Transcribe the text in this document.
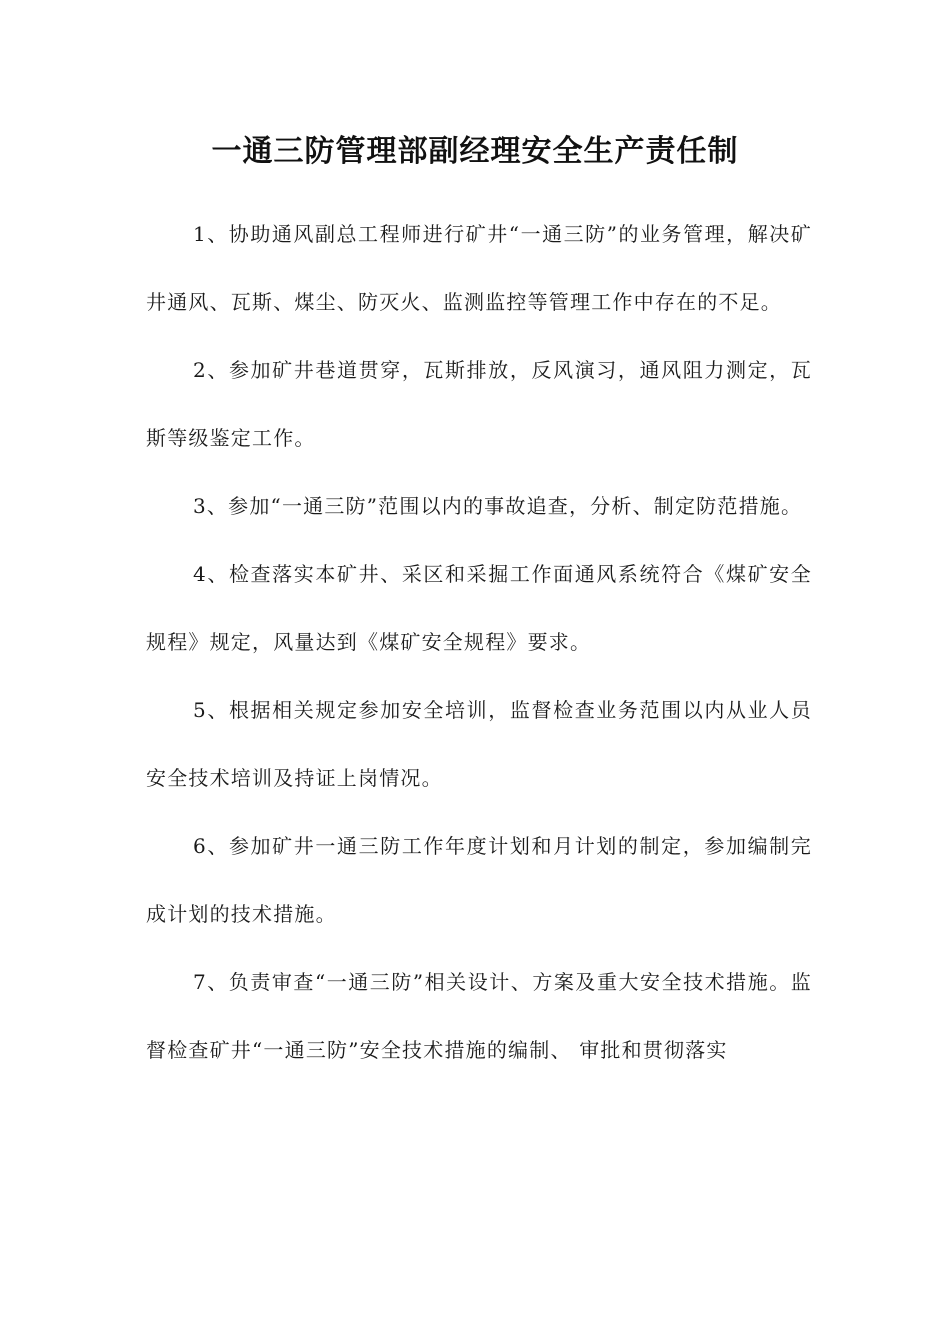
一通三防管理部副经理安全生产责任制

1、协助通风副总工程师进行矿井“一通三防”的业务管理，解决矿井通风、瓦斯、煤尘、防灭火、监测监控等管理工作中存在的不足。

2、参加矿井巷道贯穿，瓦斯排放，反风演习，通风阻力测定，瓦斯等级鉴定工作。

3、参加“一通三防”范围以内的事故追查，分析、制定防范措施。

4、检查落实本矿井、采区和采掘工作面通风系统符合《煤矿安全规程》规定，风量达到《煤矿安全规程》要求。

5、根据相关规定参加安全培训，监督检查业务范围以内从业人员安全技术培训及持证上岗情况。

6、参加矿井一通三防工作年度计划和月计划的制定，参加编制完成计划的技术措施。

7、负责审查“一通三防”相关设计、方案及重大安全技术措施。监督检查矿井“一通三防”安全技术措施的编制、 审批和贯彻落实
